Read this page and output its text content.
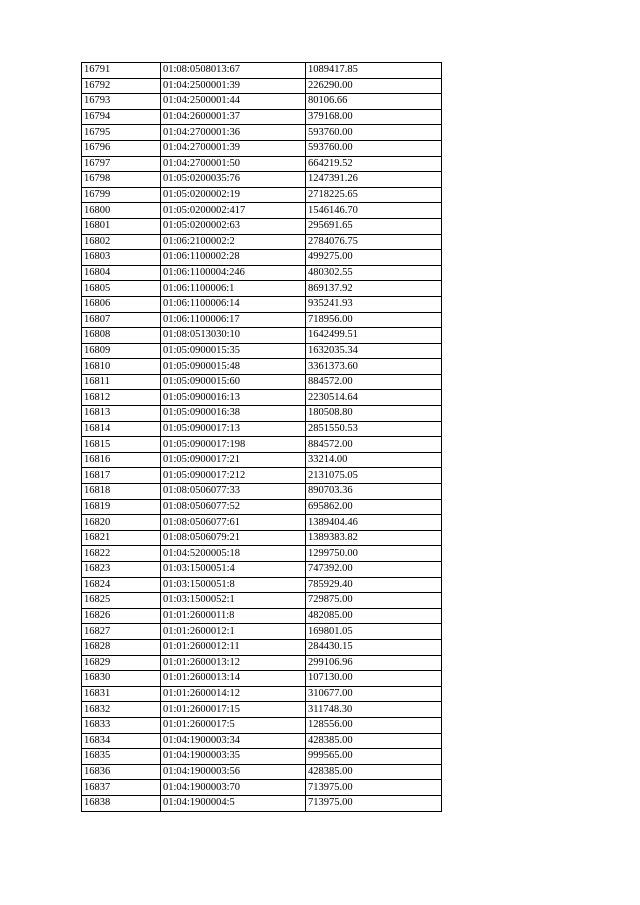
16791	01:08:0508013:67	1089417.85
16792	01:04:2500001:39	226290.00
16793	01:04:2500001:44	80106.66
16794	01:04:2600001:37	379168.00
16795	01:04:2700001:36	593760.00
16796	01:04:2700001:39	593760.00
16797	01:04:2700001:50	664219.52
16798	01:05:0200035:76	1247391.26
16799	01:05:0200002:19	2718225.65
16800	01:05:0200002:417	1546146.70
16801	01:05:0200002:63	295691.65
16802	01:06:2100002:2	2784076.75
16803	01:06:1100002:28	499275.00
16804	01:06:1100004:246	480302.55
16805	01:06:1100006:1	869137.92
16806	01:06:1100006:14	935241.93
16807	01:06:1100006:17	718956.00
16808	01:08:0513030:10	1642499.51
16809	01:05:0900015:35	1632035.34
16810	01:05:0900015:48	3361373.60
16811	01:05:0900015:60	884572.00
16812	01:05:0900016:13	2230514.64
16813	01:05:0900016:38	180508.80
16814	01:05:0900017:13	2851550.53
16815	01:05:0900017:198	884572.00
16816	01:05:0900017:21	33214.00
16817	01:05:0900017:212	2131075.05
16818	01:08:0506077:33	890703.36
16819	01:08:0506077:52	695862.00
16820	01:08:0506077:61	1389404.46
16821	01:08:0506079:21	1389383.82
16822	01:04:5200005:18	1299750.00
16823	01:03:1500051:4	747392.00
16824	01:03:1500051:8	785929.40
16825	01:03:1500052:1	729875.00
16826	01:01:2600011:8	482085.00
16827	01:01:2600012:1	169801.05
16828	01:01:2600012:11	284430.15
16829	01:01:2600013:12	299106.96
16830	01:01:2600013:14	107130.00
16831	01:01:2600014:12	310677.00
16832	01:01:2600017:15	311748.30
16833	01:01:2600017:5	128556.00
16834	01:04:1900003:34	428385.00
16835	01:04:1900003:35	999565.00
16836	01:04:1900003:56	428385.00
16837	01:04:1900003:70	713975.00
16838	01:04:1900004:5	713975.00
